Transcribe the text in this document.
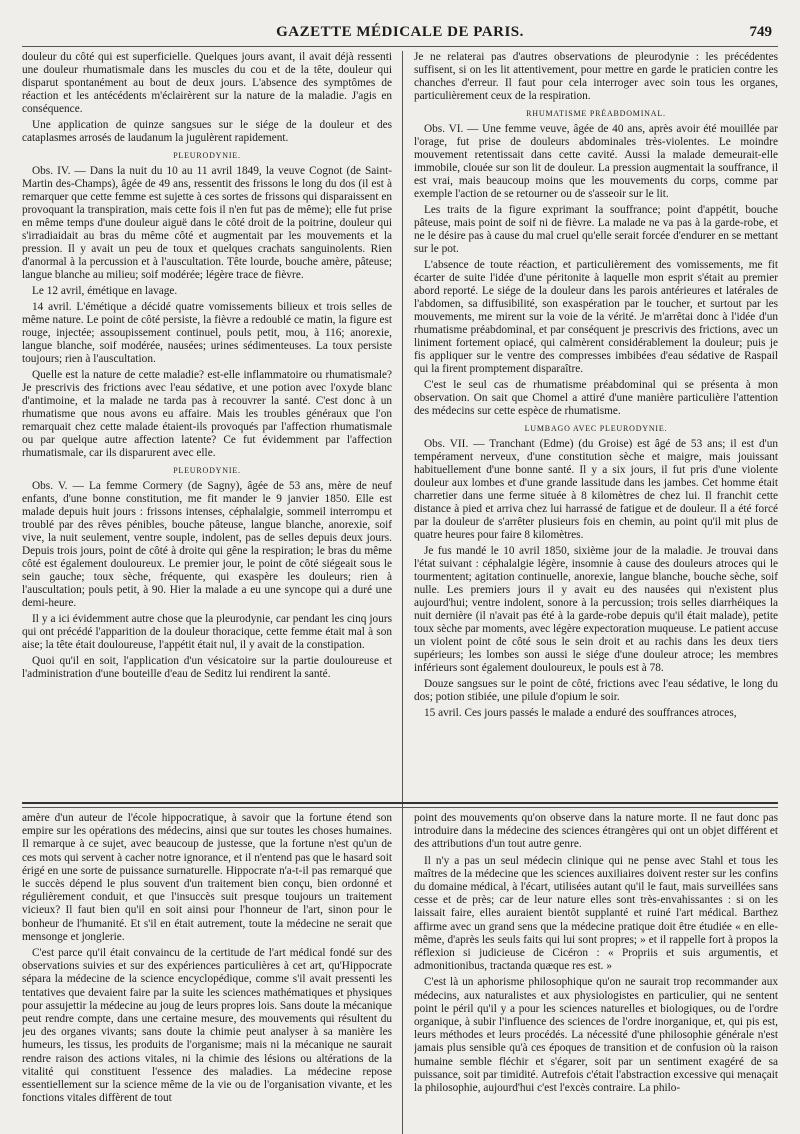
GAZETTE MÉDICALE DE PARIS.	749

douleur du côté qui est superficielle. Quelques jours avant, il avait déjà ressenti une douleur rhumatismale dans les muscles du cou et de la tête, douleur qui disparut spontanément au bout de deux jours. L'absence des symptômes de réaction et les antécédents m'éclairèrent sur la nature de la maladie. J'agis en conséquence.

Une application de quinze sangsues sur le siége de la douleur et des cataplasmes arrosés de laudanum la jugulèrent rapidement.

PLEURODYNIE.

Obs. IV. — Dans la nuit du 10 au 11 avril 1849, la veuve Cognot (de Saint-Martin des-Champs), âgée de 49 ans, ressentit des frissons le long du dos (il est à remarquer que cette femme est sujette à ces sortes de frissons qui disparaissent en provoquant la transpiration, mais cette fois il n'en fut pas de même); elle fut prise en même temps d'une douleur aiguë dans le côté droit de la poitrine, douleur qui s'irradiaidait au bras du même côté et augmentait par les mouvements et la pression. Il y avait un peu de toux et quelques crachats sanguinolents. Rien d'anormal à la percussion et à l'auscultation. Tête lourde, bouche amère, pâteuse; langue blanche au milieu; soif modérée; légère trace de fièvre.

Le 12 avril, émétique en lavage.

14 avril. L'émétique a décidé quatre vomissements bilieux et trois selles de même nature. Le point de côté persiste, la fièvre a redoublé ce matin, la figure est rouge, injectée; assoupissement continuel, pouls petit, mou, à 116; anorexie, langue blanche, soif modérée, nausées; urines sédimenteuses. La toux persiste toujours; rien à l'auscultation.

Quelle est la nature de cette maladie? est-elle inflammatoire ou rhumatismale? Je prescrivis des frictions avec l'eau sédative, et une potion avec l'oxyde blanc d'antimoine, et la malade ne tarda pas à recouvrer la santé. C'est donc à un rhumatisme que nous avons eu affaire. Mais les troubles généraux que l'on remarquait chez cette malade étaient-ils provoqués par l'affection rhumatismale ou par quelque autre affection latente? Ce fut évidemment par l'affection rhumatismale, car ils disparurent avec elle.

PLEURODYNIE.

Obs. V. — La femme Cormery (de Sagny), âgée de 53 ans, mère de neuf enfants, d'une bonne constitution, me fit mander le 9 janvier 1850. Elle est malade depuis huit jours : frissons intenses, céphalalgie, sommeil interrompu et troublé par des rêves pénibles, bouche pâteuse, langue blanche, anorexie, soif vive, la nuit seulement, ventre souple, indolent, pas de selles depuis deux jours. Depuis trois jours, point de côté à droite qui gêne la respiration; le bras du même côté est également douloureux. Le premier jour, le point de côté siégeait sous le sein gauche; toux sèche, fréquente, qui exaspère les douleurs; rien à l'auscultation; pouls petit, à 90. Hier la malade a eu une syncope qui a duré une demi-heure.

Il y a ici évidemment autre chose que la pleurodynie, car pendant les cinq jours qui ont précédé l'apparition de la douleur thoracique, cette femme était mal à son aise; la tête était douloureuse, l'appétit était nul, il y avait de la constipation.

Quoi qu'il en soit, l'application d'un vésicatoire sur la partie douloureuse et l'administration d'une bouteille d'eau de Seditz lui rendirent la santé.

Je ne relaterai pas d'autres observations de pleurodynie : les précédentes suffisent, si on les lit attentivement, pour mettre en garde le praticien contre les chanches d'erreur. Il faut pour cela interroger avec soin tous les organes, particulièrement ceux de la respiration.

RHUMATISME PRÉABDOMINAL.

Obs. VI. — Une femme veuve, âgée de 40 ans, après avoir été mouillée par l'orage, fut prise de douleurs abdominales très-violentes. Le moindre mouvement retentissait dans cette cavité. Aussi la malade demeurait-elle immobile, clouée sur son lit de douleur. La pression augmentait la souffrance, il est vrai, mais beaucoup moins que les mouvements du corps, comme par exemple l'action de se retourner ou de s'asseoir sur le lit.

Les traits de la figure exprimant la souffrance; point d'appétit, bouche pâteuse, mais point de soif ni de fièvre. La malade ne va pas à la garde-robe, et ne le désire pas à cause du mal cruel qu'elle serait forcée d'endurer en se mettant sur le pot.

L'absence de toute réaction, et particulièrement des vomissements, me fit écarter de suite l'idée d'une péritonite à laquelle mon esprit s'était au premier abord reporté. Le siége de la douleur dans les parois antérieures et latérales de l'abdomen, sa diffusibilité, son exaspération par le toucher, et surtout par les mouvements, me mirent sur la voie de la vérité. Je m'arrêtai donc à l'idée d'un rhumatisme préabdominal, et par conséquent je prescrivis des frictions, avec un liniment fortement opiacé, qui calmèrent considérablement la douleur; puis je fis appliquer sur le ventre des compresses imbibées d'eau sédative de Raspail qui la firent promptement disparaître.

C'est le seul cas de rhumatisme préabdominal qui se présenta à mon observation. On sait que Chomel a attiré d'une manière particulière l'attention des médecins sur cette espèce de rhumatisme.

LUMBAGO AVEC PLEURODYNIE.

Obs. VII. — Tranchant (Edme) (du Groise) est âgé de 53 ans; il est d'un tempérament nerveux, d'une constitution sèche et maigre, mais jouissant habituellement d'une bonne santé. Il y a six jours, il fut pris d'une violente douleur aux lombes et d'une grande lassitude dans les jambes. Cet homme était charretier dans une ferme située à 8 kilomètres de chez lui. Il franchit cette distance à pied et arriva chez lui harrassé de fatigue et de douleur. Il a été forcé par la douleur de s'arrêter plusieurs fois en chemin, au point qu'il mit plus de quatre heures pour faire 8 kilomètres.

Je fus mandé le 10 avril 1850, sixième jour de la maladie. Je trouvai dans l'état suivant : céphalalgie légère, insomnie à cause des douleurs atroces qui le tourmentent; agitation continuelle, anorexie, langue blanche, bouche sèche, soif nulle. Les premiers jours il y avait eu des nausées qui n'existent plus aujourd'hui; ventre indolent, sonore à la percussion; trois selles diarrhéiques la nuit dernière (il n'avait pas été à la garde-robe depuis qu'il était malade), petite toux sèche par moments, avec légère expectoration muqueuse. Le patient accuse un violent point de côté sous le sein droit et au rachis dans les deux tiers supérieurs; les lombes son aussi le siége d'une douleur atroce; les membres inférieurs sont également douloureux, le pouls est à 78.

Douze sangsues sur le point de côté, frictions avec l'eau sédative, le long du dos; potion stibiée, une pilule d'opium le soir.

15 avril. Ces jours passés le malade a enduré des souffrances atroces,

amère d'un auteur de l'école hippocratique, à savoir que la fortune étend son empire sur les opérations des médecins, ainsi que sur toutes les choses humaines. Il remarque à ce sujet, avec beaucoup de justesse, que la fortune n'est qu'un de ces mots qui servent à cacher notre ignorance, et il n'entend pas que le hasard soit érigé en une sorte de puissance surnaturelle. Hippocrate n'a-t-il pas remarqué que le succès dépend le plus souvent d'un traitement bien conçu, bien ordonné et régulièrement conduit, et que l'insuccès suit presque toujours un traitement vicieux? Il faut bien qu'il en soit ainsi pour l'honneur de l'art, sinon pour le bonheur de l'humanité. Et s'il en était autrement, toute la médecine ne serait que mensonge et jonglerie.

C'est parce qu'il était convaincu de la certitude de l'art médical fondé sur des observations suivies et sur des expériences particulières à cet art, qu'Hippocrate sépara la médecine de la science encyclopédique, comme s'il avait pressenti les tentatives que devaient faire par la suite les sciences mathématiques et physiques pour assujettir la médecine au joug de leurs propres lois. Sans doute la mécanique peut rendre compte, dans une certaine mesure, des mouvements qui résultent du jeu des organes vivants; sans doute la chimie peut analyser à sa manière les humeurs, les tissus, les produits de l'organisme; mais ni la mécanique ne saurait rendre raison des actions vitales, ni la chimie des lésions ou altérations de la vitalité qui constituent l'essence des maladies. La médecine repose essentiellement sur la science même de la vie ou de l'organisation vivante, et les fonctions vitales diffèrent de tout

point des mouvements qu'on observe dans la nature morte. Il ne faut donc pas introduire dans la médecine des sciences étrangères qui ont un objet différent et des attributions d'un tout autre genre.

Il n'y a pas un seul médecin clinique qui ne pense avec Stahl et tous les maîtres de la médecine que les sciences auxiliaires doivent rester sur les confins du domaine médical, à l'écart, utilisées autant qu'il le faut, mais surveillées sans cesse et de près; car de leur nature elles sont très-envahissantes : si on les laissait faire, elles auraient bientôt supplanté et ruiné l'art médical. Barthez affirme avec un grand sens que la médecine pratique doit être étudiée « en elle-même, d'après les seuls faits qui lui sont propres; » et il rappelle fort à propos la réflexion si judicieuse de Cicéron : « Propriis et suis argumentis, et admonitionibus, tractanda quæque res est. »

C'est là un aphorisme philosophique qu'on ne saurait trop recommander aux médecins, aux naturalistes et aux physiologistes en particulier, qui ne sentent point le péril qu'il y a pour les sciences naturelles et biologiques, ou de l'ordre organique, à subir l'influence des sciences de l'ordre inorganique, et, qui pis est, leurs méthodes et leurs procédés. La nécessité d'une philosophie générale n'est jamais plus sensible qu'à ces époques de transition et de confusion où la raison humaine semble fléchir et s'égarer, soit par un sentiment exagéré de sa puissance, soit par timidité. Autrefois c'était l'abstraction excessive qui menaçait la philosophie, aujourd'hui c'est l'excès contraire. La philo-
